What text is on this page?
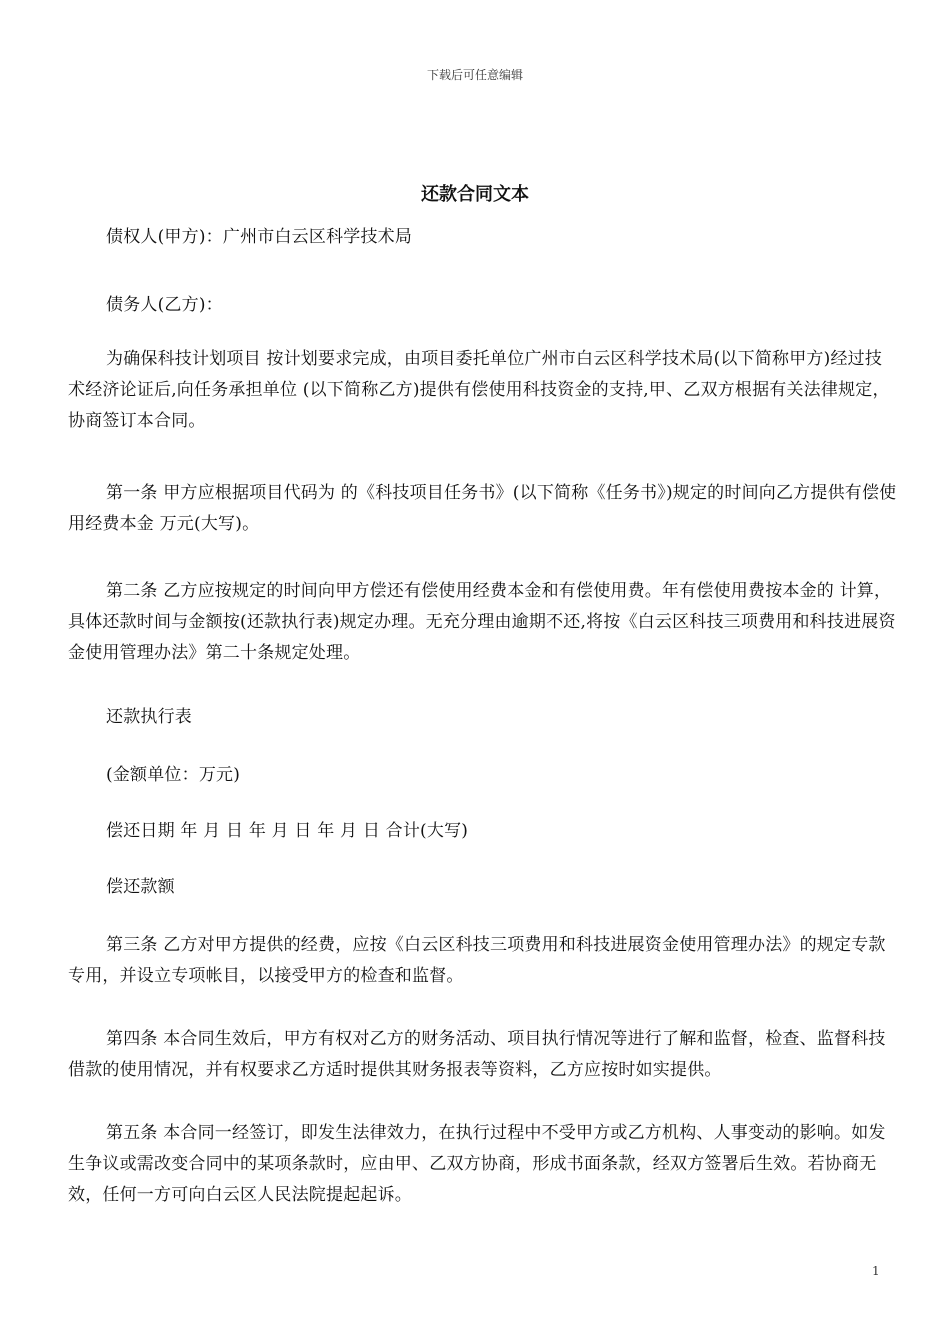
下载后可任意编辑
还款合同文本

债权人(甲方)：广州市白云区科学技术局

债务人(乙方)：

为确保科技计划项目 按计划要求完成，由项目委托单位广州市白云区科学技术局(以下简称甲方)经过技术经济论证后,向任务承担单位 (以下简称乙方)提供有偿使用科技资金的支持,甲、乙双方根据有关法律规定，协商签订本合同。

第一条 甲方应根据项目代码为 的《科技项目任务书》(以下简称《任务书》)规定的时间向乙方提供有偿使用经费本金 万元(大写)。

第二条 乙方应按规定的时间向甲方偿还有偿使用经费本金和有偿使用费。年有偿使用费按本金的 计算，具体还款时间与金额按(还款执行表)规定办理。无充分理由逾期不还,将按《白云区科技三项费用和科技进展资金使用管理办法》第二十条规定处理。

还款执行表

(金额单位：万元)

偿还日期 年 月 日 年 月 日 年 月 日 合计(大写)

偿还款额

第三条 乙方对甲方提供的经费，应按《白云区科技三项费用和科技进展资金使用管理办法》的规定专款专用，并设立专项帐目，以接受甲方的检查和监督。

第四条 本合同生效后，甲方有权对乙方的财务活动、项目执行情况等进行了解和监督，检查、监督科技借款的使用情况，并有权要求乙方适时提供其财务报表等资料，乙方应按时如实提供。

第五条 本合同一经签订，即发生法律效力，在执行过程中不受甲方或乙方机构、人事变动的影响。如发生争议或需改变合同中的某项条款时，应由甲、乙双方协商，形成书面条款，经双方签署后生效。若协商无效，任何一方可向白云区人民法院提起起诉。

1
